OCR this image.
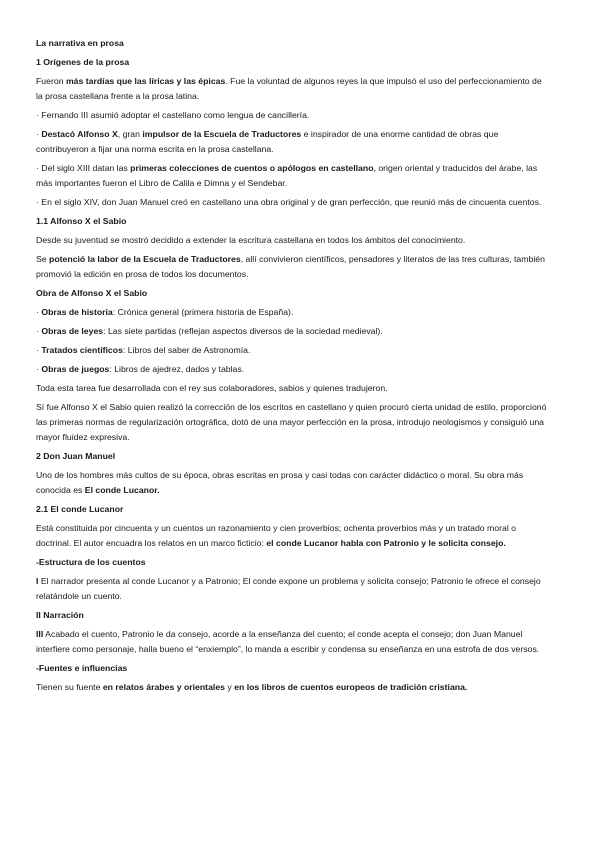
La narrativa en prosa
1 Orígenes de la prosa

Fueron más tardías que las líricas y las épicas. Fue la voluntad de algunos reyes la que impulsó el uso del perfeccionamiento de la prosa castellana frente a la prosa latina.

· Fernando III asumió adoptar el castellano como lengua de cancillería.

· Destacó Alfonso X, gran impulsor de la Escuela de Traductores e inspirador de una enorme cantidad de obras que contribuyeron a fijar una norma escrita en la prosa castellana.

· Del siglo XIII datan las primeras colecciones de cuentos o apólogos en castellano, origen oriental y traducidos del árabe, las más importantes fueron el Libro de Calila e Dimna y el Sendebar.

· En el siglo XIV, don Juan Manuel creó en castellano una obra original y de gran perfección, que reunió más de cincuenta cuentos.

1.1 Alfonso X el Sabio

Desde su juventud se mostró decidido a extender la escritura castellana en todos los ámbitos del conocimiento.

Se potenció la labor de la Escuela de Traductores, allí convivieron científicos, pensadores y literatos de las tres culturas, también promovió la edición en prosa de todos los documentos.

Obra de Alfonso X el Sabio

· Obras de historia: Crónica general (primera historia de España).

· Obras de leyes: Las siete partidas (reflejan aspectos diversos de la sociedad medieval).

· Tratados científicos: Libros del saber de Astronomía.

· Obras de juegos: Libros de ajedrez, dados y tablas.

Toda esta tarea fue desarrollada con el rey sus colaboradores, sabios y quienes tradujeron.

Sí fue Alfonso X el Sabio quien realizó la corrección de los escritos en castellano y quien procuró cierta unidad de estilo, proporcionó las primeras normas de regularización ortográfica, dotó de una mayor perfección en la prosa, introdujo neologismos y consiguió una mayor fluidez expresiva.

2 Don Juan Manuel

Uno de los hombres más cultos de su época, obras escritas en prosa y casi todas con carácter didáctico o moral. Su obra más conocida es El conde Lucanor.

2.1 El conde Lucanor

Está constituida por cincuenta y un cuentos un razonamiento y cien proverbios; ochenta proverbios más y un tratado moral o doctrinal. El autor encuadra los relatos en un marco ficticio: el conde Lucanor habla con Patronio y le solicita consejo.

-Estructura de los cuentos

I El narrador presenta al conde Lucanor y a Patronio; El conde expone un problema y solicita consejo; Patronio le ofrece el consejo relatándole un cuento.

II Narración

III Acabado el cuento, Patronio le da consejo, acorde a la enseñanza del cuento; el conde acepta el consejo; don Juan Manuel interfiere como personaje, halla bueno el “enxiemplo”, lo manda a escribir y condensa su enseñanza en una estrofa de dos versos.

-Fuentes e influencias

Tienen su fuente en relatos árabes y orientales y en los libros de cuentos europeos de tradición cristiana.
